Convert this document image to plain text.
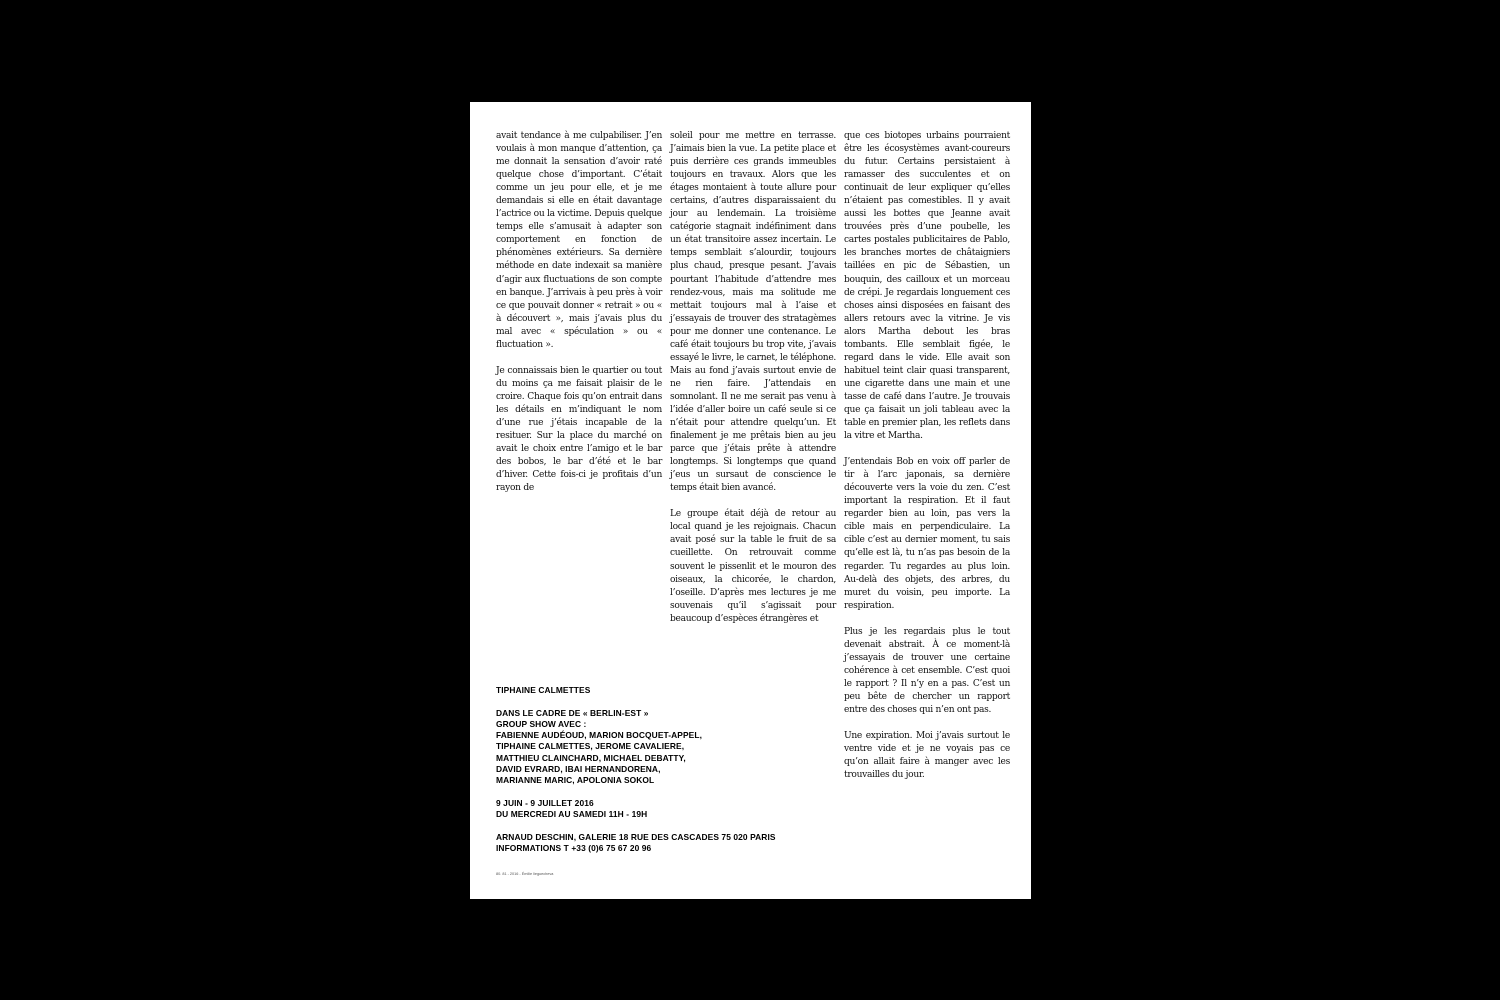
avait tendance à me culpabiliser. J’en voulais à mon manque d’attention, ça me donnait la sensation d’avoir raté quelque chose d’important. C’était comme un jeu pour elle, et je me demandais si elle en était davantage l’actrice ou la victime. Depuis quelque temps elle s’amusait à adapter son comportement en fonction de phénomènes extérieurs. Sa dernière méthode en date indexait sa manière d’agir aux fluctuations de son compte en banque. J’arrivais à peu près à voir ce que pouvait donner « retrait » ou « à découvert », mais j’avais plus du mal avec « spéculation » ou « fluctuation ».

Je connaissais bien le quartier ou tout du moins ça me faisait plaisir de le croire. Chaque fois qu’on entrait dans les détails en m’indiquant le nom d’une rue j’étais incapable de la resituer. Sur la place du marché on avait le choix entre l’amigo et le bar des bobos, le bar d’été et le bar d’hiver. Cette fois-ci je profitais d’un rayon de

soleil pour me mettre en terrasse. J’aimais bien la vue. La petite place et puis derrière ces grands immeubles toujours en travaux. Alors que les étages montaient à toute allure pour certains, d’autres disparaissaient du jour au lendemain. La troisième catégorie stagnait indéfiniment dans un état transitoire assez incertain. Le temps semblait s’alourdir, toujours plus chaud, presque pesant. J’avais pourtant l’habitude d’attendre mes rendez-vous, mais ma solitude me mettait toujours mal à l’aise et j’essayais de trouver des stratagèmes pour me donner une contenance. Le café était toujours bu trop vite, j’avais essayé le livre, le carnet, le téléphone. Mais au fond j’avais surtout envie de ne rien faire. J’attendais en somnolant. Il ne me serait pas venu à l’idée d’aller boire un café seule si ce n’était pour attendre quelqu’un. Et finalement je me prêtais bien au jeu parce que j’étais prête à attendre longtemps. Si longtemps que quand j’eus un sursaut de conscience le temps était bien avancé.

Le groupe était déjà de retour au local quand je les rejoignais. Chacun avait posé sur la table le fruit de sa cueillette. On retrouvait comme souvent le pissenlit et le mouron des oiseaux, la chicorée, le chardon, l’oseille. D’après mes lectures je me souvenais qu’il s’agissait pour beaucoup d’espèces étrangères et

que ces biotopes urbains pourraient être les écosystèmes avant-coureurs du futur. Certains persistaient à ramasser des succulentes et on continuait de leur expliquer qu’elles n’étaient pas comestibles. Il y avait aussi les bottes que Jeanne avait trouvées près d’une poubelle, les cartes postales publicitaires de Pablo, les branches mortes de châtaigniers taillées en pic de Sébastien, un bouquin, des cailloux et un morceau de crépi. Je regardais longuement ces choses ainsi disposées en faisant des allers retours avec la vitrine. Je vis alors Martha debout les bras tombants. Elle semblait figée, le regard dans le vide. Elle avait son habituel teint clair quasi transparent, une cigarette dans une main et une tasse de café dans l’autre. Je trouvais que ça faisait un joli tableau avec la table en premier plan, les reflets dans la vitre et Martha.

J’entendais Bob en voix off parler de tir à l’arc japonais, sa dernière découverte vers la voie du zen. C’est important la respiration. Et il faut regarder bien au loin, pas vers la cible mais en perpendiculaire. La cible c’est au dernier moment, tu sais qu’elle est là, tu n’as pas besoin de la regarder. Tu regardes au plus loin. Au-delà des objets, des arbres, du muret du voisin, peu importe. La respiration.

Plus je les regardais plus le tout devenait abstrait. À ce moment-là j’essayais de trouver une certaine cohérence à cet ensemble. C’est quoi le rapport ? Il n’y en a pas. C’est un peu bête de chercher un rapport entre des choses qui n’en ont pas.

Une expiration. Moi j’avais surtout le ventre vide et je ne voyais pas ce qu’on allait faire à manger avec les trouvailles du jour.

TIPHAINE CALMETTES
DANS LE CADRE DE « BERLIN-EST »
GROUP SHOW AVEC :
FABIENNE AUDÉOUD, MARION BOCQUET-APPEL,
TIPHAINE CALMETTES, JEROME CAVALIERE,
MATTHIEU CLAINCHARD, MICHAEL DEBATTY,
DAVID EVRARD, IBAI HERNANDORENA,
MARIANNE MARIC, APOLONIA SOKOL
9 JUIN - 9 JUILLET 2016
DU MERCREDI AU SAMEDI 11H - 19H
ARNAUD DESCHIN, GALERIE 18 RUE DES CASCADES 75 020 PARIS
INFORMATIONS T +33 (0)6 75 67 20 96
80. 81 - 2016 - Émilie lieguechevа
